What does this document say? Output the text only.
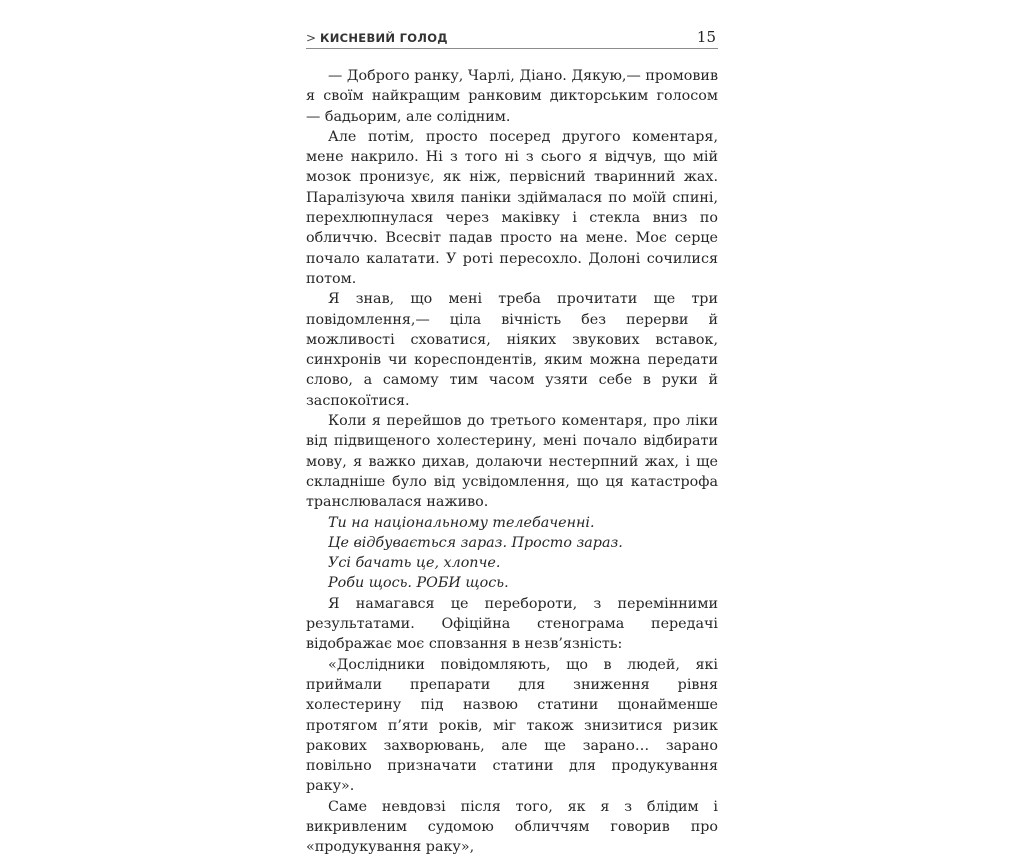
> КИСНЕВИЙ ГОЛОД	15

— Доброго ранку, Чарлі, Діано. Дякую,— промовив я своїм найкращим ранковим дикторським голосом — бадьорим, але солідним.

Але потім, просто посеред другого коментаря, мене накрило. Ні з того ні з сього я відчув, що мій мозок пронизує, як ніж, первісний тваринний жах. Паралізуюча хвиля паніки здіймалася по моїй спині, перехлюпнулася через маківку і стекла вниз по обличчю. Всесвіт падав просто на мене. Моє серце почало калатати. У роті пересохло. Долоні сочилися потом.

Я знав, що мені треба прочитати ще три повідомлення,— ціла вічність без перерви й можливості сховатися, ніяких звукових вставок, синхронів чи кореспондентів, яким можна передати слово, а самому тим часом узяти себе в руки й заспокоїтися.

Коли я перейшов до третього коментаря, про ліки від підвищеного холестерину, мені почало відбирати мову, я важко дихав, долаючи нестерпний жах, і ще складніше було від усвідомлення, що ця катастрофа транслювалася наживо.

Ти на національному телебаченні.

Це відбувається зараз. Просто зараз.

Усі бачать це, хлопче.

Роби щось. РОБИ щось.

Я намагався це перебороти, з перемінними результатами. Офіційна стенограма передачі відображає моє сповзання в незв’язність:

«Дослідники повідомляють, що в людей, які приймали препарати для зниження рівня холестерину під назвою статини щонайменше протягом п’яти років, міг також знизитися ризик ракових захворювань, але ще зарано… зарано повільно призначати статини для продукування раку».

Саме невдовзі після того, як я з блідим і викривленим судомою обличчям говорив про «продукування раку»,
